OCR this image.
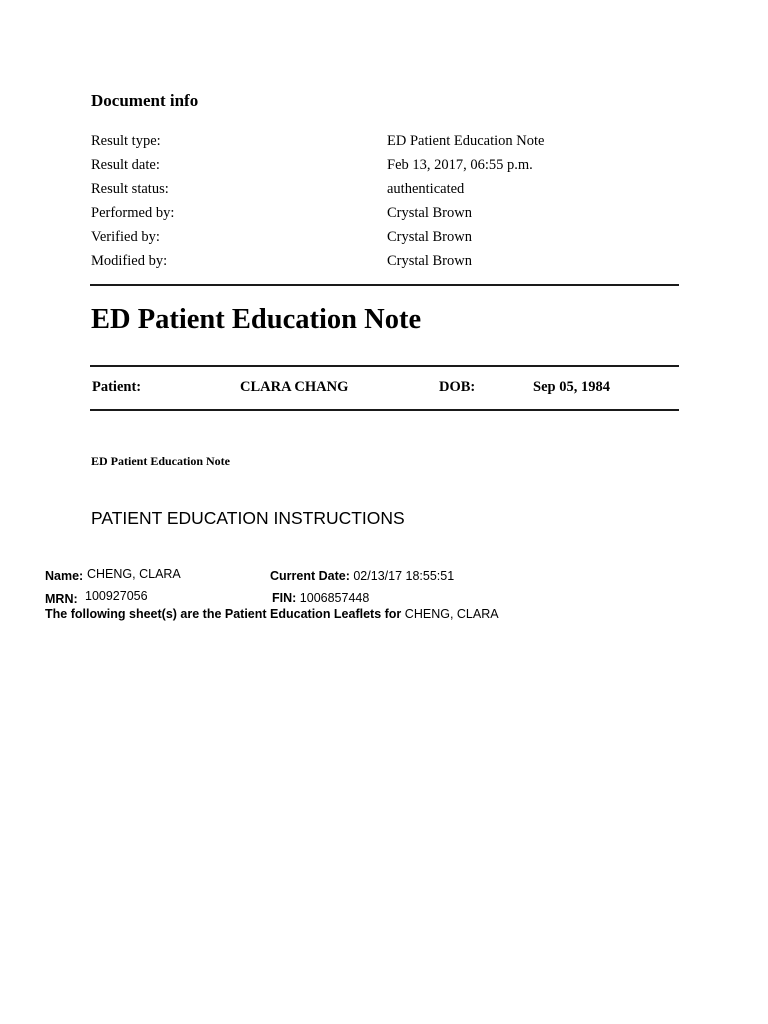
Document info
Result type:	ED Patient Education Note
Result date:	Feb 13, 2017, 06:55 p.m.
Result status:	authenticated
Performed by:	Crystal Brown
Verified by:	Crystal Brown
Modified by:	Crystal Brown
ED Patient Education Note
Patient:	CLARA CHANG	DOB:	Sep 05, 1984
ED Patient Education Note
PATIENT EDUCATION INSTRUCTIONS
Name: CHENG, CLARA	Current Date: 02/13/17 18:55:51
MRN: 100927056	FIN: 1006857448
The following sheet(s) are the Patient Education Leaflets for CHENG, CLARA
